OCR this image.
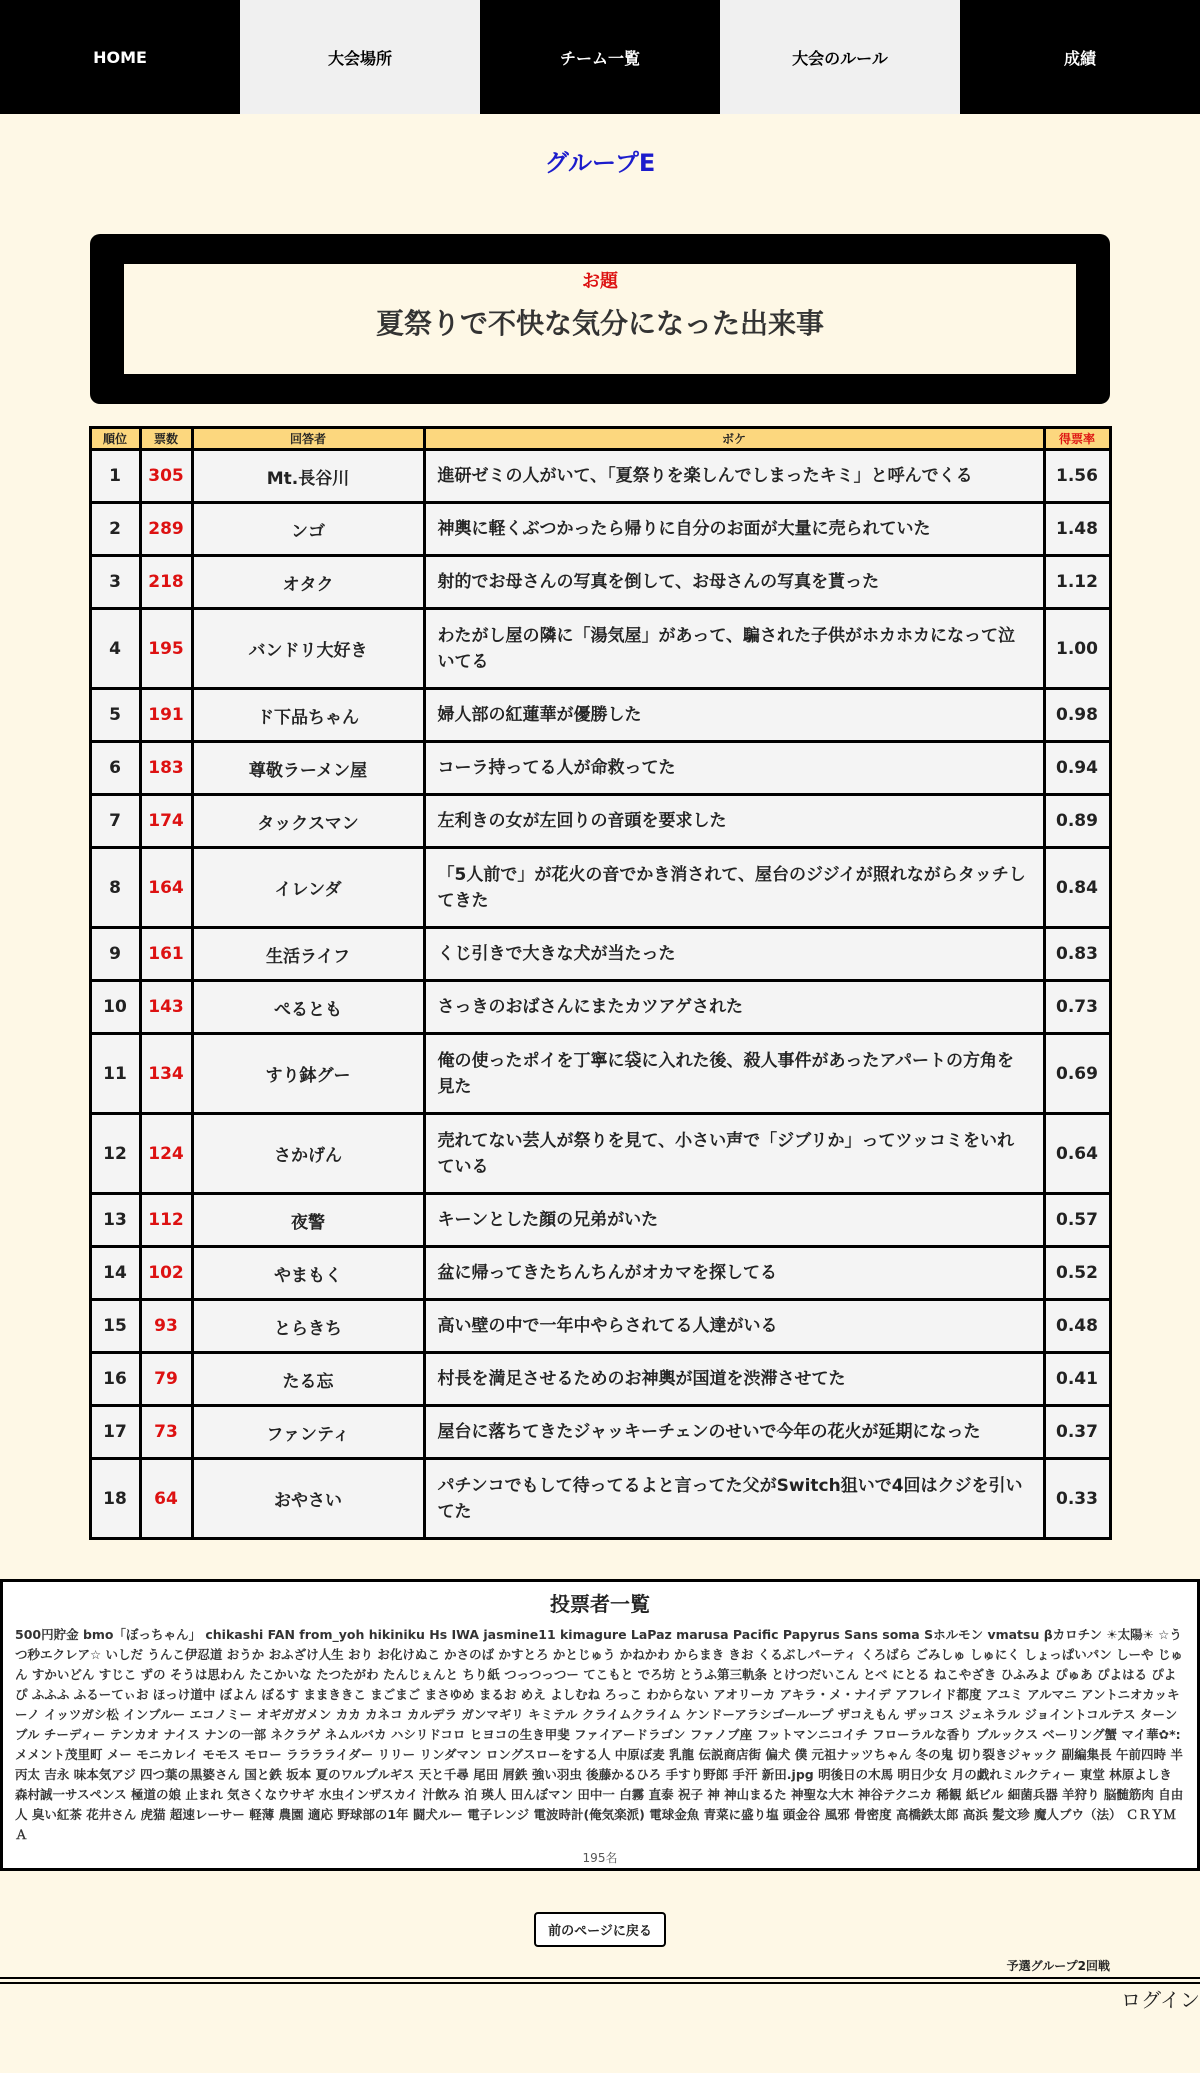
HOME	大会場所	チーム一覧	大会のルール	成績
グループE
お題
夏祭りで不快な気分になった出来事
順位	票数	回答者	ボケ	得票率
1	305	Mt.長谷川	進研ゼミの人がいて、「夏祭りを楽しんでしまったキミ」と呼んでくる	1.56
2	289	ンゴ	神輿に軽くぶつかったら帰りに自分のお面が大量に売られていた	1.48
3	218	オタク	射的でお母さんの写真を倒して、お母さんの写真を貰った	1.12
4	195	バンドリ大好き	わたがし屋の隣に「湯気屋」があって、騙された子供がホカホカになって泣いてる	1.00
5	191	ド下品ちゃん	婦人部の紅蓮華が優勝した	0.98
6	183	尊敬ラーメン屋	コーラ持ってる人が命救ってた	0.94
7	174	タックスマン	左利きの女が左回りの音頭を要求した	0.89
8	164	イレンダ	「5人前で」が花火の音でかき消されて、屋台のジジイが照れながらタッチしてきた	0.84
9	161	生活ライフ	くじ引きで大きな犬が当たった	0.83
10	143	ぺるとも	さっきのおばさんにまたカツアゲされた	0.73
11	134	すり鉢グー	俺の使ったポイを丁寧に袋に入れた後、殺人事件があったアパートの方角を見た	0.69
12	124	さかげん	売れてない芸人が祭りを見て、小さい声で「ジブリか」ってツッコミをいれている	0.64
13	112	夜警	キーンとした顔の兄弟がいた	0.57
14	102	やまもく	盆に帰ってきたちんちんがオカマを探してる	0.52
15	93	とらきち	高い壁の中で一年中やらされてる人達がいる	0.48
16	79	たる忘	村長を満足させるためのお神輿が国道を渋滞させてた	0.41
17	73	ファンティ	屋台に落ちてきたジャッキーチェンのせいで今年の花火が延期になった	0.37
18	64	おやさい	パチンコでもして待ってるよと言ってた父がSwitch狙いで4回はクジを引いてた	0.33
投票者一覧
500円貯金 bmo「ぼっちゃん」 chikashi FAN from_yoh hikiniku Hs IWA jasmine11 kimagure LaPaz marusa Pacific Papyrus Sans soma Sホルモン vmatsu βカロチン ☀太陽☀ ☆うつ秒エクレア☆ いしだ うんこ伊忍道 おうか おふざけ人生 おり お化けぬこ かさのば かすとろ かとじゅう かねかわ からまき きお くるぶしパーティ くろばら ごみしゅ しゅにく しょっぱいパン しーや じゅん すかいどん すじこ ずの そうは思わん たこかいな たつたがわ たんじぇんと ちり紙 つっつっつー てこもと でろ坊 とうふ第三軌条 とけつだいこん とべ にとる ねこやざき ひふみよ ぴゅあ ぴよはる ぴよぴ ふふふ ふるーてぃお ほっけ道中 ぼよん ぼるす ままききこ まごまご まさゆめ まるお めえ よしむね ろっこ わからない アオリーカ アキラ・メ・ナイデ アフレイド都度 アユミ アルマニ アントニオカッキーノ イッツガシ松 インブルー エコノミー オギガガメン カカ カネコ カルデラ ガンマギリ キミテル クライムクライム ケンドーアラシゴーループ ザコえもん ザッコス ジェネラル ジョイントコルテス ターンブル チーディー テンカオ ナイス ナンの一部 ネクラゲ ネムルバカ ハシリドコロ ヒヨコの生き甲斐 ファイアードラゴン ファノブ座 フットマンニコイチ フローラルな香り ブルックス ベーリング蟹 マイ華✿*: メメント茂里町 メー モニカレイ モモス モロー ラララライダー リリー リンダマン ロングスローをする人 中原ぼ麦 乳龍 伝説商店街 偏犬 僕 元祖ナッツちゃん 冬の鬼 切り裂きジャック 副編集長 午前四時 半丙太 吉永 味本気アジ 四つ葉の黒婆さん 国と鉄 坂本 夏のワルプルギス 天と千尋 尾田 屑鉄 強い羽虫 後藤かるひろ 手すり野郎 手汗 新田.jpg 明後日の木馬 明日少女 月の戯れミルクティー 東堂 林原よしき 森村誠一サスペンス 極道の娘 止まれ 気さくなウサギ 水虫インザスカイ 汁飲み 泊 瑛人 田んぼマン 田中一 白霧 直泰 祝子 神 神山まるた 神聖な大木 神谷テクニカ 稀観 紙ビル 細菌兵器 羊狩り 脳髄筋肉 自由人 臭い紅茶 花井さん 虎猫 超速レーサー 軽薄 農園 適応 野球部の1年 闘犬ルー 電子レンジ 電波時計(俺気楽派) 電球金魚 青菜に盛り塩 頭金谷 風邪 骨密度 高橋鉄太郎 高浜 髪文珍 魔人ブウ（法） ＣＲＹＭＡ
195名
前のページに戻る
予選グループ2回戦
ログイン
